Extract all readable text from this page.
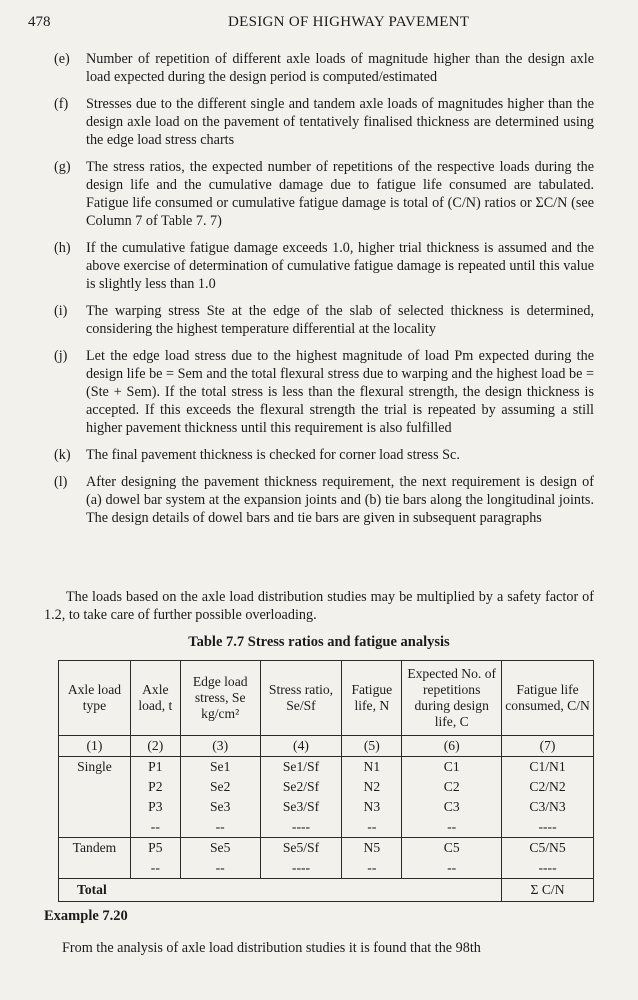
478	DESIGN OF HIGHWAY PAVEMENT
(e)	Number of repetition of different axle loads of magnitude higher than the design axle load expected during the design period is computed/estimated
(f)	Stresses due to the different single and tandem axle loads of magnitudes higher than the design axle load on the pavement of tentatively finalised thickness are determined using the edge load stress charts
(g)	The stress ratios, the expected number of repetitions of the respective loads during the design life and the cumulative damage due to fatigue life consumed are tabulated. Fatigue life consumed or cumulative fatigue damage is total of (C/N) ratios or ΣC/N (see Column 7 of Table 7. 7)
(h)	If the cumulative fatigue damage exceeds 1.0, higher trial thickness is assumed and the above exercise of determination of cumulative fatigue damage is repeated until this value is slightly less than 1.0
(i)	The warping stress Ste at the edge of the slab of selected thickness is determined, considering the highest temperature differential at the locality
(j)	Let the edge load stress due to the highest magnitude of load Pm expected during the design life be = Sem and the total flexural stress due to warping and the highest load be = (Ste + Sem). If the total stress is less than the flexural strength, the design thickness is accepted. If this exceeds the flexural strength the trial is repeated by assuming a still higher pavement thickness until this requirement is also fulfilled
(k)	The final pavement thickness is checked for corner load stress Sc.
(l)	After designing the pavement thickness requirement, the next requirement is design of (a) dowel bar system at the expansion joints and (b) tie bars along the longitudinal joints. The design details of dowel bars and tie bars are given in subsequent paragraphs
The loads based on the axle load distribution studies may be multiplied by a safety factor of 1.2, to take care of further possible overloading.
Table 7.7 Stress ratios and fatigue analysis
Axle load type	Axle load, t	Edge load stress, Se kg/cm²	Stress ratio, Se/Sf	Fatigue life, N	Expected No. of repetitions during design life, C	Fatigue life consumed, C/N
(1)	(2)	(3)	(4)	(5)	(6)	(7)
Single	P1	Se1	Se1/Sf	N1	C1	C1/N1
	P2	Se2	Se2/Sf	N2	C2	C2/N2
	P3	Se3	Se3/Sf	N3	C3	C3/N3
	--	--	----	--	--	----
Tandem	P5	Se5	Se5/Sf	N5	C5	C5/N5
	--	--	----	--	--	----
Total						Σ C/N
Example 7.20
From the analysis of axle load distribution studies it is found that the 98th
